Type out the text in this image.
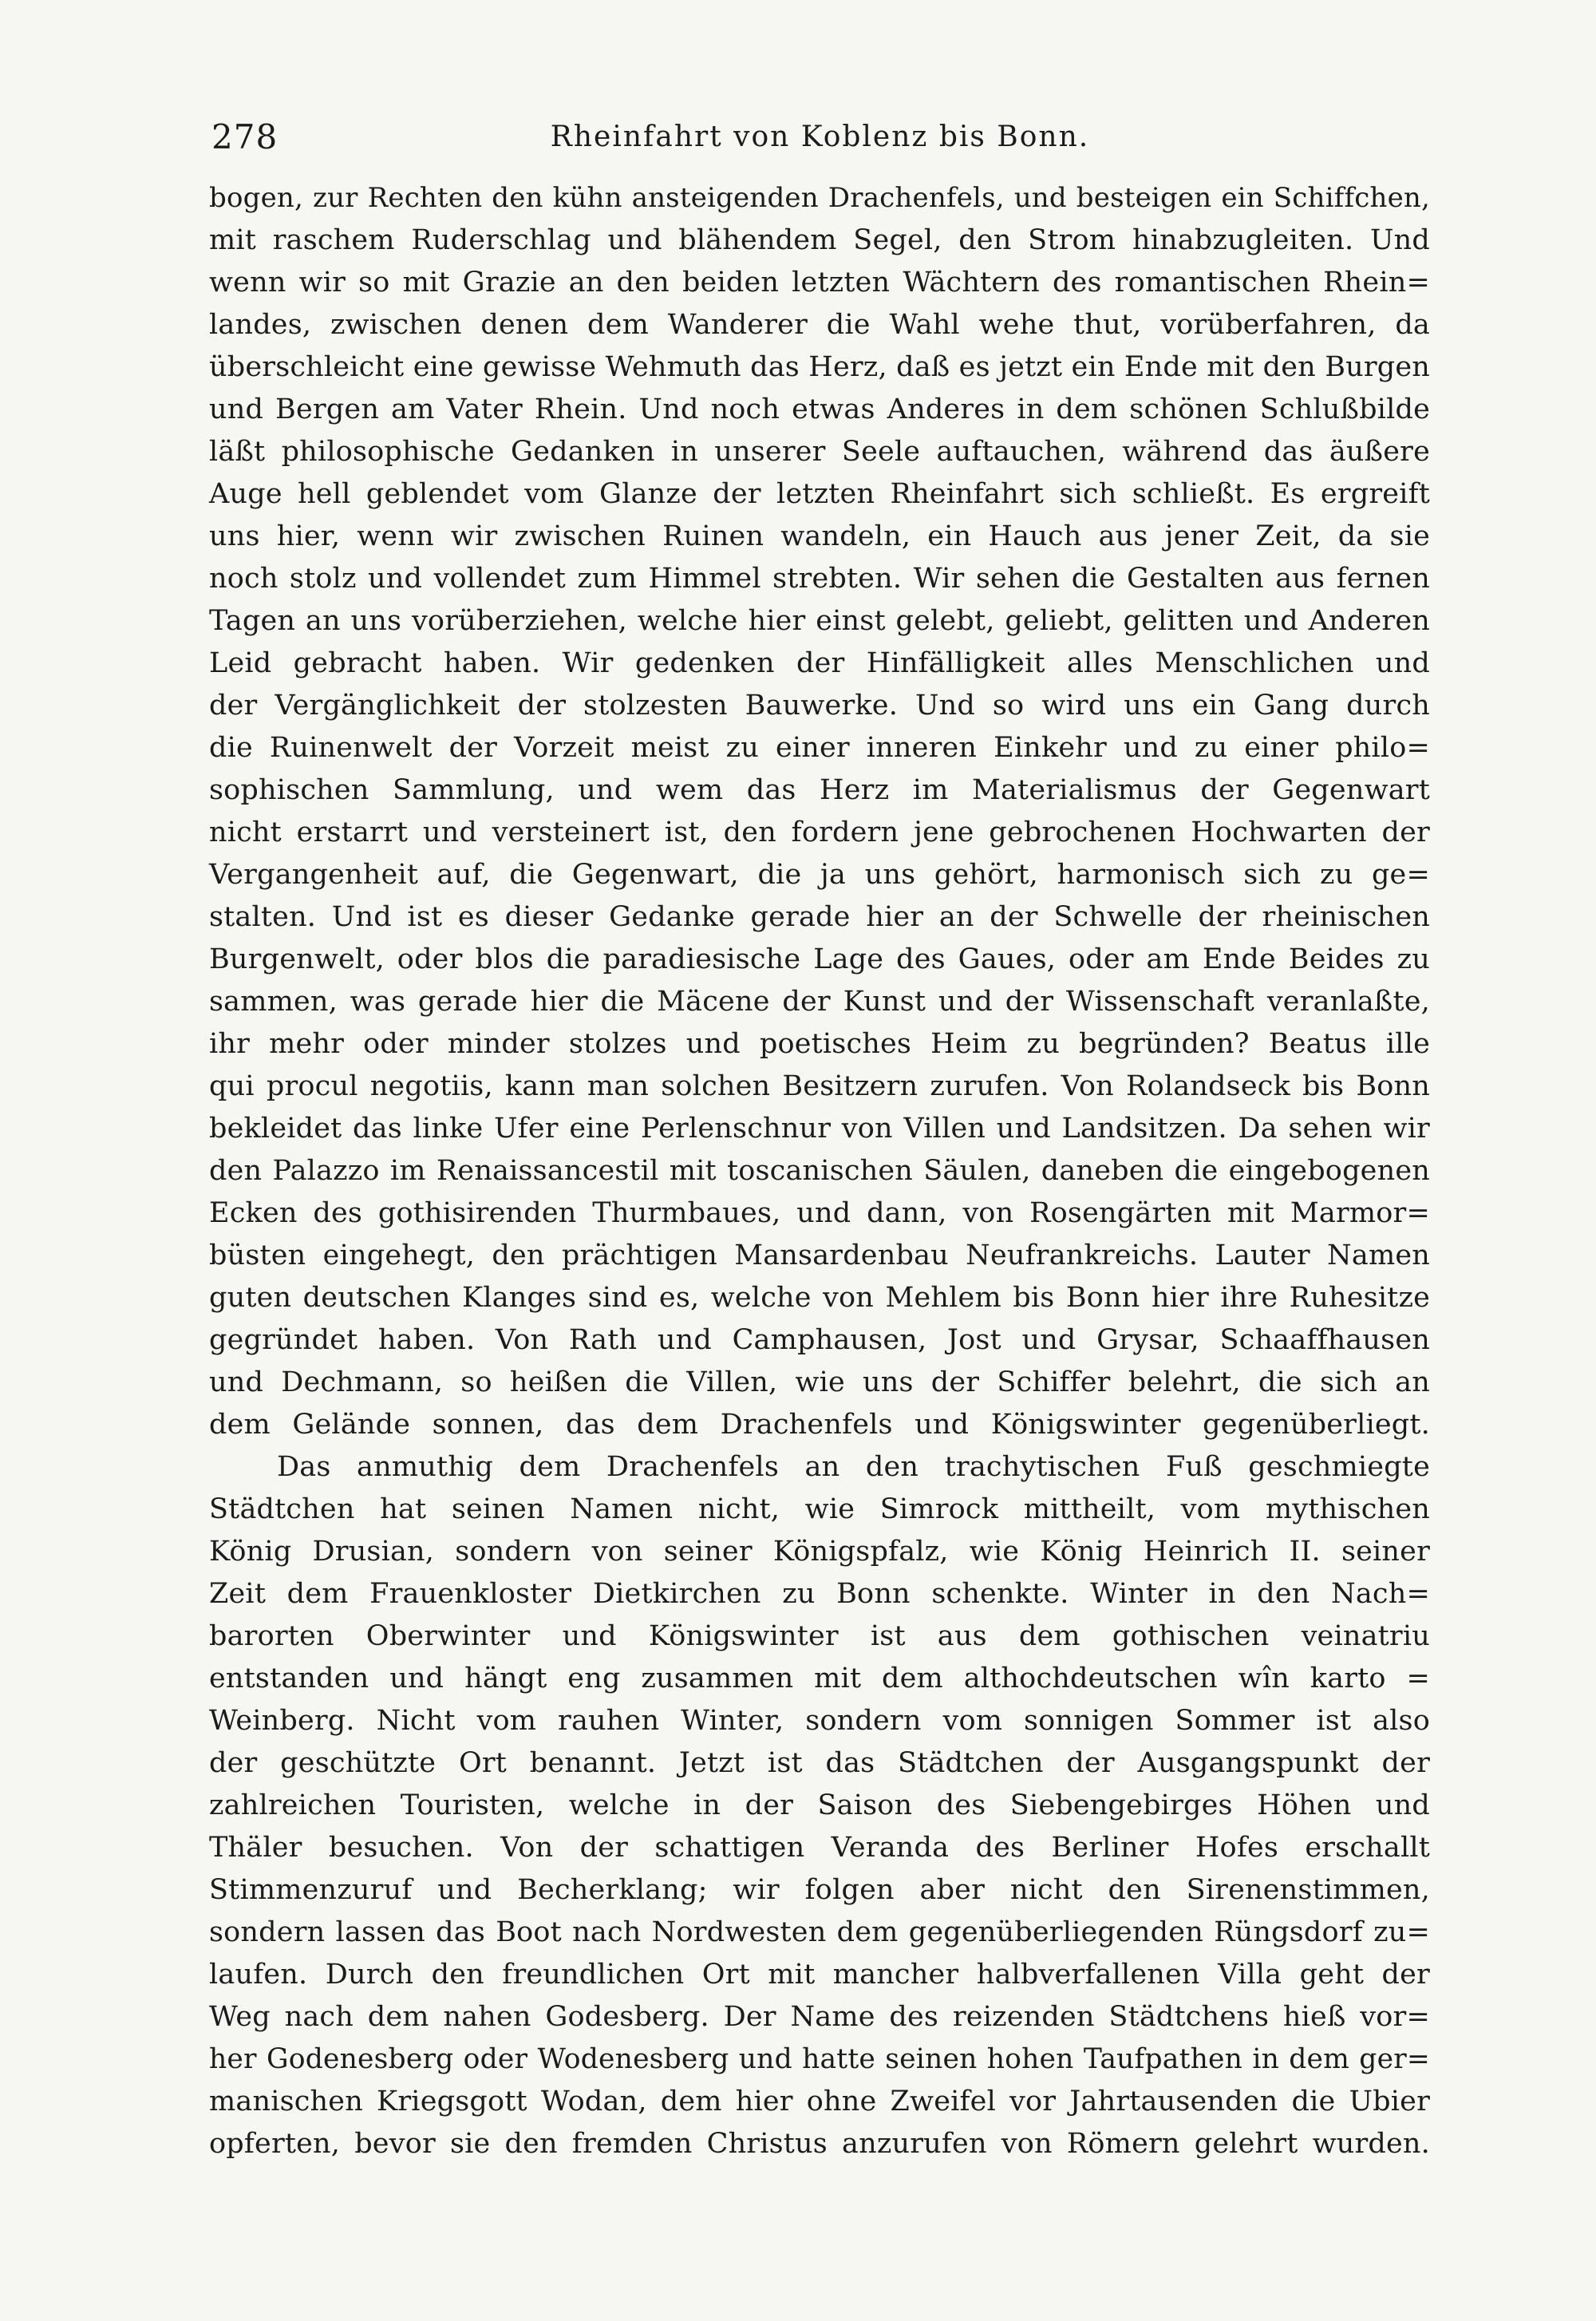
278	Rheinfahrt von Koblenz bis Bonn.
bogen, zur Rechten den kühn ansteigenden Drachenfels, und besteigen ein Schiffchen,
mit raschem Ruderschlag und blähendem Segel, den Strom hinabzugleiten. Und
wenn wir so mit Grazie an den beiden letzten Wächtern des romantischen Rhein=
landes, zwischen denen dem Wanderer die Wahl wehe thut, vorüberfahren, da
überschleicht eine gewisse Wehmuth das Herz, daß es jetzt ein Ende mit den Burgen
und Bergen am Vater Rhein. Und noch etwas Anderes in dem schönen Schlußbilde
läßt philosophische Gedanken in unserer Seele auftauchen, während das äußere
Auge hell geblendet vom Glanze der letzten Rheinfahrt sich schließt. Es ergreift
uns hier, wenn wir zwischen Ruinen wandeln, ein Hauch aus jener Zeit, da sie
noch stolz und vollendet zum Himmel strebten. Wir sehen die Gestalten aus fernen
Tagen an uns vorüberziehen, welche hier einst gelebt, geliebt, gelitten und Anderen
Leid gebracht haben. Wir gedenken der Hinfälligkeit alles Menschlichen und
der Vergänglichkeit der stolzesten Bauwerke. Und so wird uns ein Gang durch
die Ruinenwelt der Vorzeit meist zu einer inneren Einkehr und zu einer philo=
sophischen Sammlung, und wem das Herz im Materialismus der Gegenwart
nicht erstarrt und versteinert ist, den fordern jene gebrochenen Hochwarten der
Vergangenheit auf, die Gegenwart, die ja uns gehört, harmonisch sich zu ge=
stalten. Und ist es dieser Gedanke gerade hier an der Schwelle der rheinischen
Burgenwelt, oder blos die paradiesische Lage des Gaues, oder am Ende Beides zu
sammen, was gerade hier die Mäcene der Kunst und der Wissenschaft veranlaßte,
ihr mehr oder minder stolzes und poetisches Heim zu begründen? Beatus ille
qui procul negotiis, kann man solchen Besitzern zurufen. Von Rolandseck bis Bonn
bekleidet das linke Ufer eine Perlenschnur von Villen und Landsitzen. Da sehen wir
den Palazzo im Renaissancestil mit toscanischen Säulen, daneben die eingebogenen
Ecken des gothisirenden Thurmbaues, und dann, von Rosengärten mit Marmor=
büsten eingehegt, den prächtigen Mansardenbau Neufrankreichs. Lauter Namen
guten deutschen Klanges sind es, welche von Mehlem bis Bonn hier ihre Ruhesitze
gegründet haben. Von Rath und Camphausen, Jost und Grysar, Schaaffhausen
und Dechmann, so heißen die Villen, wie uns der Schiffer belehrt, die sich an
dem Gelände sonnen, das dem Drachenfels und Königswinter gegenüberliegt.
Das anmuthig dem Drachenfels an den trachytischen Fuß geschmiegte
Städtchen hat seinen Namen nicht, wie Simrock mittheilt, vom mythischen
König Drusian, sondern von seiner Königspfalz, wie König Heinrich II. seiner
Zeit dem Frauenkloster Dietkirchen zu Bonn schenkte. Winter in den Nach=
barorten Oberwinter und Königswinter ist aus dem gothischen veinatriu
entstanden und hängt eng zusammen mit dem althochdeutschen wîn karto =
Weinberg. Nicht vom rauhen Winter, sondern vom sonnigen Sommer ist also
der geschützte Ort benannt. Jetzt ist das Städtchen der Ausgangspunkt der
zahlreichen Touristen, welche in der Saison des Siebengebirges Höhen und
Thäler besuchen. Von der schattigen Veranda des Berliner Hofes erschallt
Stimmenzuruf und Becherklang; wir folgen aber nicht den Sirenenstimmen,
sondern lassen das Boot nach Nordwesten dem gegenüberliegenden Rüngsdorf zu=
laufen. Durch den freundlichen Ort mit mancher halbverfallenen Villa geht der
Weg nach dem nahen Godesberg. Der Name des reizenden Städtchens hieß vor=
her Godenesberg oder Wodenesberg und hatte seinen hohen Taufpathen in dem ger=
manischen Kriegsgott Wodan, dem hier ohne Zweifel vor Jahrtausenden die Ubier
opferten, bevor sie den fremden Christus anzurufen von Römern gelehrt wurden.
